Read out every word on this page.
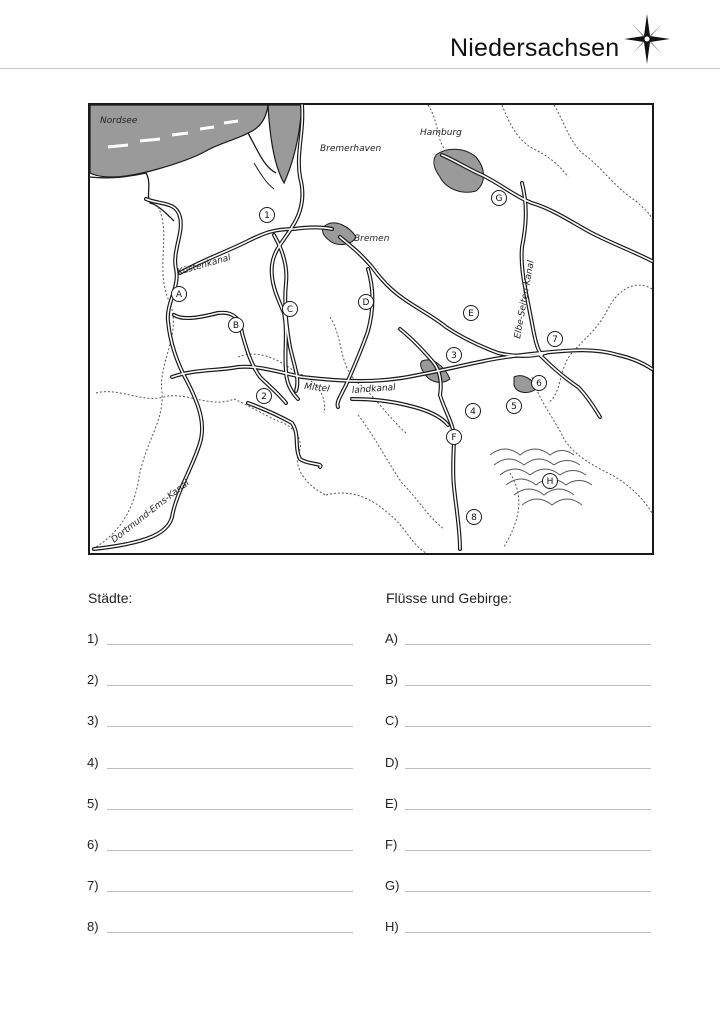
Niedersachsen
Nordsee
Bremerhaven
Hamburg
Bremen
Küstenkanal
Mittel landkanal
Dortmund-Ems-Kanal
Elbe-Seiten-Kanal
1
2
3
4	5
6
7
8
A
B
C
D
E
F
G
H
Städte:
1)
2)
3)
4)
5)
6)
7)
8)
Flüsse und Gebirge:
A)
B)
C)
D)
E)
F)
G)
H)
